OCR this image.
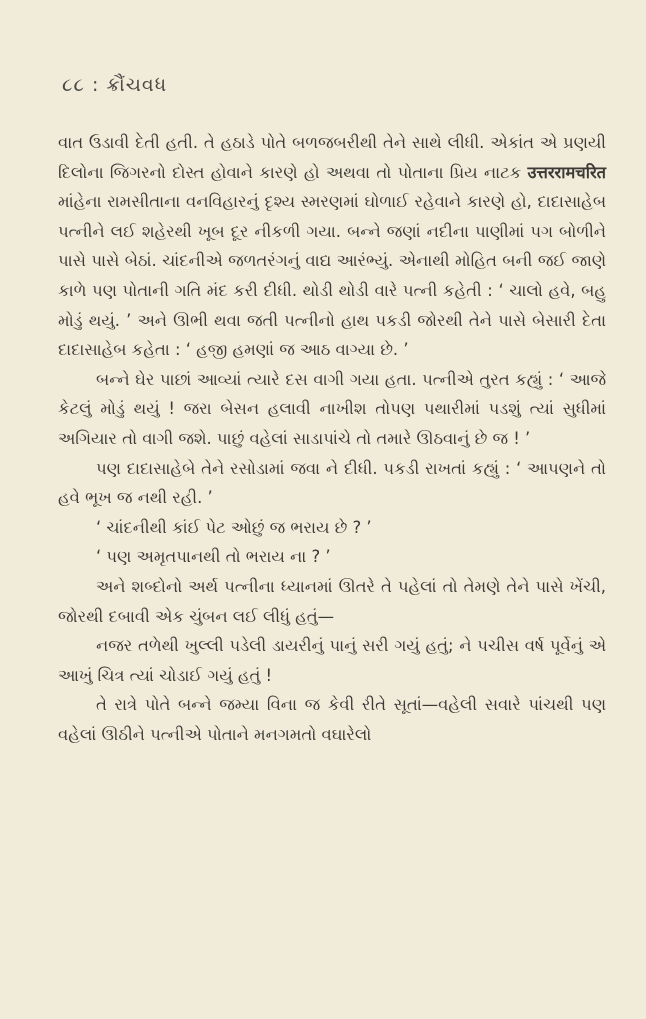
૮૮ : ક્રૌંચવધ

વાત ઉડાવી દેતી હતી. તે હઠાડે પોતે બળજબરીથી તેને સાથે લીધી. એકાંત એ પ્રણયી દિલોના જિગરનો દોસ્ત હોવાને કારણે હો અથવા તો પોતાના પ્રિય નાટક उत्तररामचरित માંહેના રામસીતાના વનવિહારનું દૃશ્ય સ્મરણમાં ઘોળાઈ રહેવાને કારણે હો, દાદાસાહેબ પત્નીને લઈ શહેરથી ખૂબ દૂર નીકળી ગયા. બન્ને જણાં નદીના પાણીમાં પગ બોળીને પાસે પાસે બેઠાં. ચાંદનીએ જળતરંગનું વાદ્ય આરંભ્યું. એનાથી મોહિત બની જઈ જાણે કાળે પણ પોતાની ગતિ મંદ કરી દીધી. થોડી થોડી વારે પત્ની કહેતી : ‘ ચાલો હવે, બહુ મોડું થયું. ’ અને ઊભી થવા જતી પત્નીનો હાથ પકડી જોરથી તેને પાસે બેસારી દેતા દાદાસાહેબ કહેતા : ‘ હજી હમણાં જ આઠ વાગ્યા છે. ’

બન્ને ઘેર પાછાં આવ્યાં ત્યારે દસ વાગી ગયા હતા. પત્નીએ તુરત કહ્યું : ‘ આજે કેટલું મોડું થયું ! જરા બેસન હલાવી નાખીશ તોપણ પથારીમાં પડશું ત્યાં સુધીમાં અગિયાર તો વાગી જશે. પાછું વહેલાં સાડાપાંચે તો તમારે ઊઠવાનું છે જ ! ’

પણ દાદાસાહેબે તેને રસોડામાં જવા ને દીધી. પકડી રાખતાં કહ્યું : ‘ આપણને તો હવે ભૂખ જ નથી રહી. ’

‘ ચાંદનીથી કાંઈ પેટ ઓછું જ ભરાય છે ? ’

‘ પણ અમૃતપાનથી તો ભરાય ના ? ’

અને શબ્દોનો અર્થ પત્નીના ધ્યાનમાં ઊતરે તે પહેલાં તો તેમણે તેને પાસે ખેંચી, જોરથી દબાવી એક ચુંબન લઈ લીધું હતું—

નજર તળેથી ખુલ્લી પડેલી ડાયરીનું પાનું સરી ગયું હતું; ને પચીસ વર્ષ પૂર્વેનું એ આખું ચિત્ર ત્યાં ચોડાઈ ગયું હતું !

તે રાત્રે પોતે બન્ને જમ્યા વિના જ કેવી રીતે સૂતાં—વહેલી સવારે પાંચથી પણ વહેલાં ઊઠીને પત્નીએ પોતાને મનગમતો વઘારેલો
